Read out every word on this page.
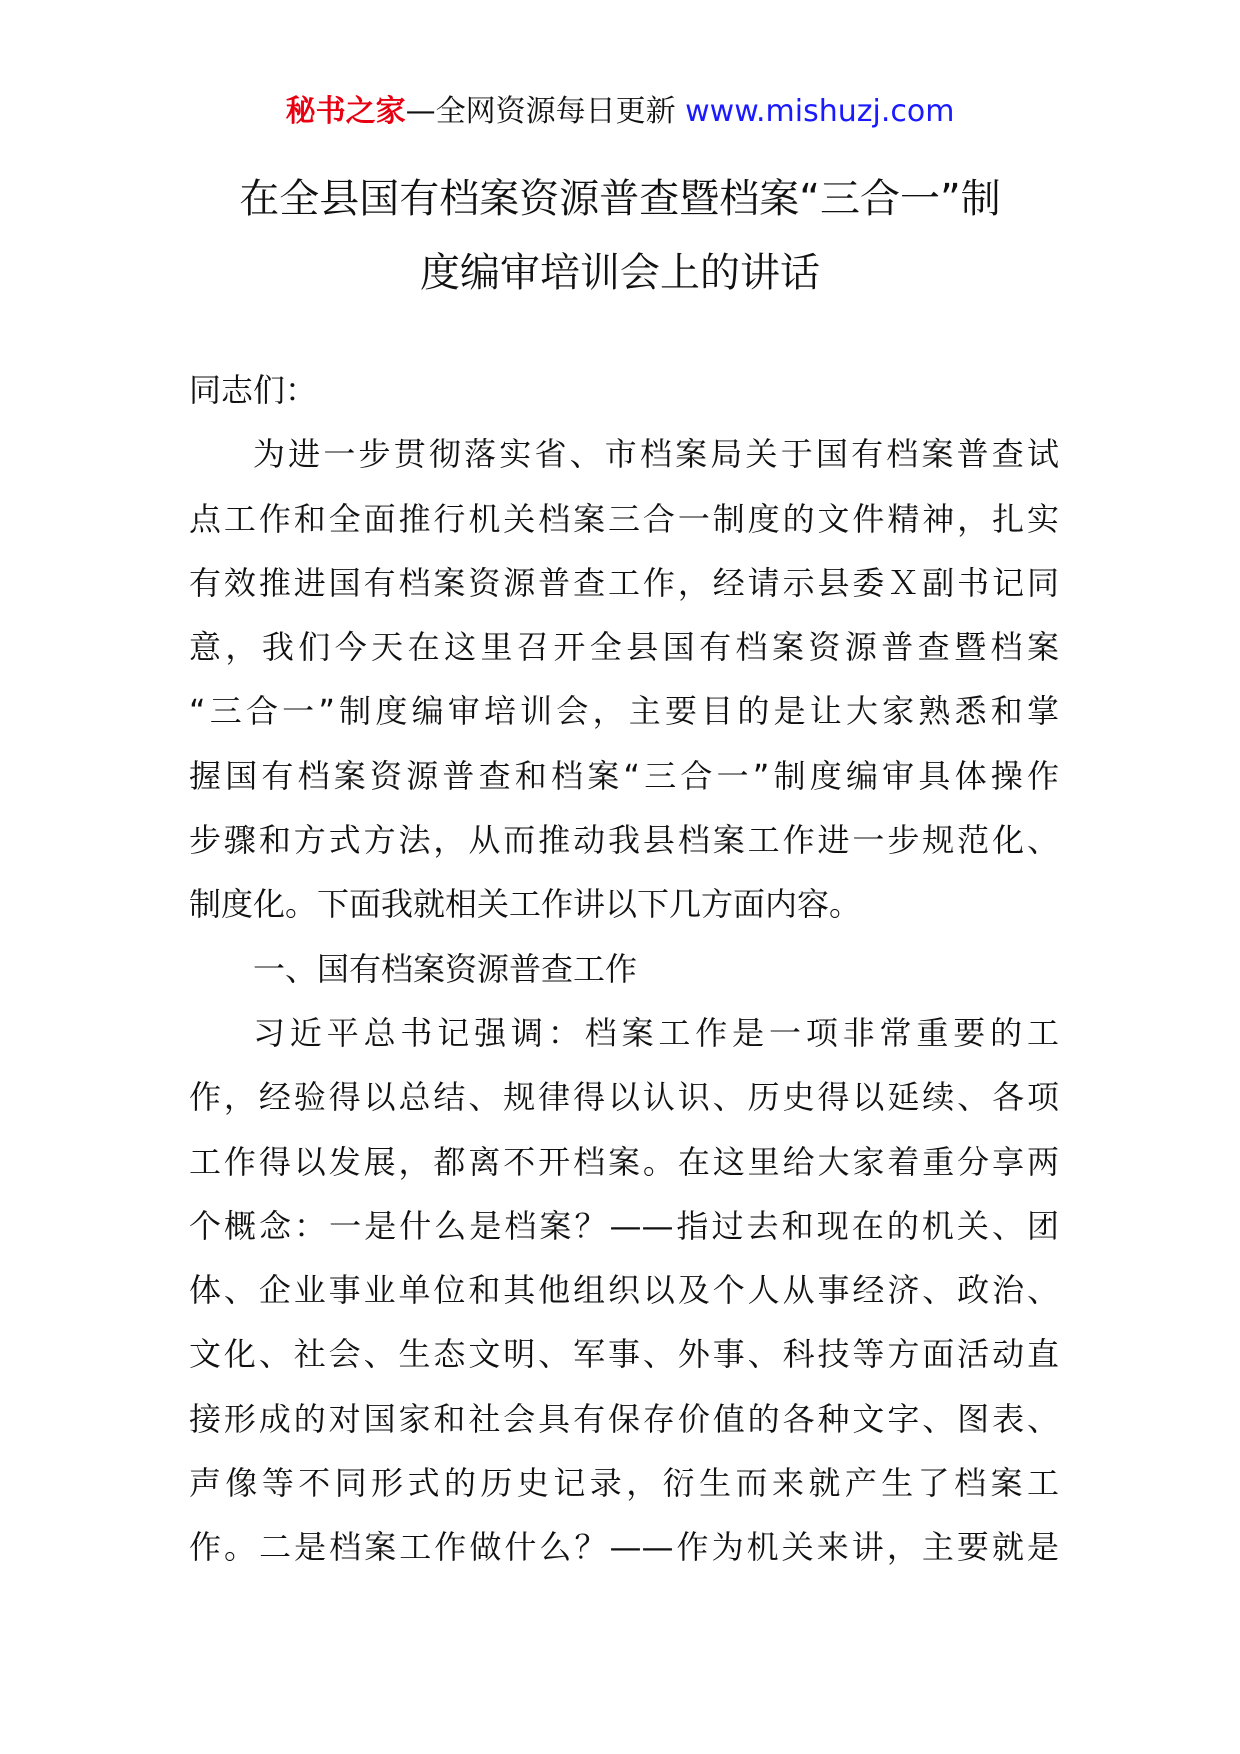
秘书之家—全网资源每日更新 www.mishuzj.com
在全县国有档案资源普查暨档案“三合一”制
度编审培训会上的讲话
同志们：
为进一步贯彻落实省、市档案局关于国有档案普查试
点工作和全面推行机关档案三合一制度的文件精神，扎实
有效推进国有档案资源普查工作，经请示县委Ｘ副书记同
意，我们今天在这里召开全县国有档案资源普查暨档案
“三合一”制度编审培训会，主要目的是让大家熟悉和掌
握国有档案资源普查和档案“三合一”制度编审具体操作
步骤和方式方法，从而推动我县档案工作进一步规范化、
制度化。下面我就相关工作讲以下几方面内容。
一、国有档案资源普查工作
习近平总书记强调：档案工作是一项非常重要的工
作，经验得以总结、规律得以认识、历史得以延续、各项
工作得以发展，都离不开档案。在这里给大家着重分享两
个概念：一是什么是档案？——指过去和现在的机关、团
体、企业事业单位和其他组织以及个人从事经济、政治、
文化、社会、生态文明、军事、外事、科技等方面活动直
接形成的对国家和社会具有保存价值的各种文字、图表、
声像等不同形式的历史记录，衍生而来就产生了档案工
作。二是档案工作做什么？——作为机关来讲，主要就是
